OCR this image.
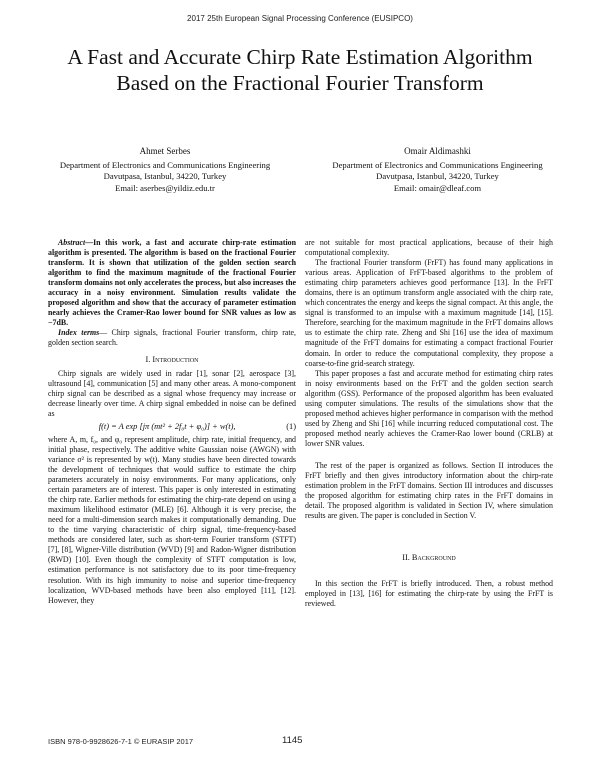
2017 25th European Signal Processing Conference (EUSIPCO)
A Fast and Accurate Chirp Rate Estimation Algorithm Based on the Fractional Fourier Transform
Ahmet Serbes
Department of Electronics and Communications Engineering
Davutpasa, Istanbul, 34220, Turkey
Email: aserbes@yildiz.edu.tr
Omair Aldimashki
Department of Electronics and Communications Engineering
Davutpasa, Istanbul, 34220, Turkey
Email: omair@dleaf.com

Abstract—In this work, a fast and accurate chirp-rate estimation algorithm is presented. The algorithm is based on the fractional Fourier transform. It is shown that utilization of the golden section search algorithm to find the maximum magnitude of the fractional Fourier transform domains not only accelerates the process, but also increases the accuracy in a noisy environment. Simulation results validate the proposed algorithm and show that the accuracy of parameter estimation nearly achieves the Cramer-Rao lower bound for SNR values as low as −7dB.

Index terms— Chirp signals, fractional Fourier transform, chirp rate, golden section search.

I. Introduction

Chirp signals are widely used in radar [1], sonar [2], aerospace [3], ultrasound [4], communication [5] and many other areas. A mono-component chirp signal can be described as a signal whose frequency may increase or decrease linearly over time. A chirp signal embedded in noise can be defined as

f(t) = A exp [jπ (mt² + 2f₀t + φ₀)] + w(t),	(1)

where A, m, f₀, and φ₀ represent amplitude, chirp rate, initial frequency, and initial phase, respectively. The additive white Gaussian noise (AWGN) with variance σ² is represented by w(t). Many studies have been directed towards the development of techniques that would suffice to estimate the chirp parameters accurately in noisy environments. For many applications, only certain parameters are of interest. This paper is only interested in estimating the chirp rate. Earlier methods for estimating the chirp-rate depend on using a maximum likelihood estimator (MLE) [6]. Although it is very precise, the need for a multi-dimension search makes it computationally demanding. Due to the time varying characteristic of chirp signal, time-frequency-based methods are considered later, such as short-term Fourier transform (STFT) [7], [8], Wigner-Ville distribution (WVD) [9] and Radon-Wigner distribution (RWD) [10]. Even though the complexity of STFT computation is low, estimation performance is not satisfactory due to its poor time-frequency resolution. With its high immunity to noise and superior time-frequency localization, WVD-based methods have been also employed [11], [12]. However, they

are not suitable for most practical applications, because of their high computational complexity.

The fractional Fourier transform (FrFT) has found many applications in various areas. Application of FrFT-based algorithms to the problem of estimating chirp parameters achieves good performance [13]. In the FrFT domains, there is an optimum transform angle associated with the chirp rate, which concentrates the energy and keeps the signal compact. At this angle, the signal is transformed to an impulse with a maximum magnitude [14], [15]. Therefore, searching for the maximum magnitude in the FrFT domains allows us to estimate the chirp rate. Zheng and Shi [16] use the idea of maximum magnitude of the FrFT domains for estimating a compact fractional Fourier domain. In order to reduce the computational complexity, they propose a coarse-to-fine grid-search strategy.

This paper proposes a fast and accurate method for estimating chirp rates in noisy environments based on the FrFT and the golden section search algorithm (GSS). Performance of the proposed algorithm has been evaluated using computer simulations. The results of the simulations show that the proposed method achieves higher performance in comparison with the method used by Zheng and Shi [16] while incurring reduced computational cost. The proposed method nearly achieves the Cramer-Rao lower bound (CRLB) at lower SNR values.

The rest of the paper is organized as follows. Section II introduces the FrFT briefly and then gives introductory information about the chirp-rate estimation problem in the FrFT domains. Section III introduces and discusses the proposed algorithm for estimating chirp rates in the FrFT domains in detail. The proposed algorithm is validated in Section IV, where simulation results are given. The paper is concluded in Section V.

II. Background

In this section the FrFT is briefly introduced. Then, a robust method employed in [13], [16] for estimating the chirp-rate by using the FrFT is reviewed.

ISBN 978-0-9928626-7-1 © EURASIP 2017	1145
